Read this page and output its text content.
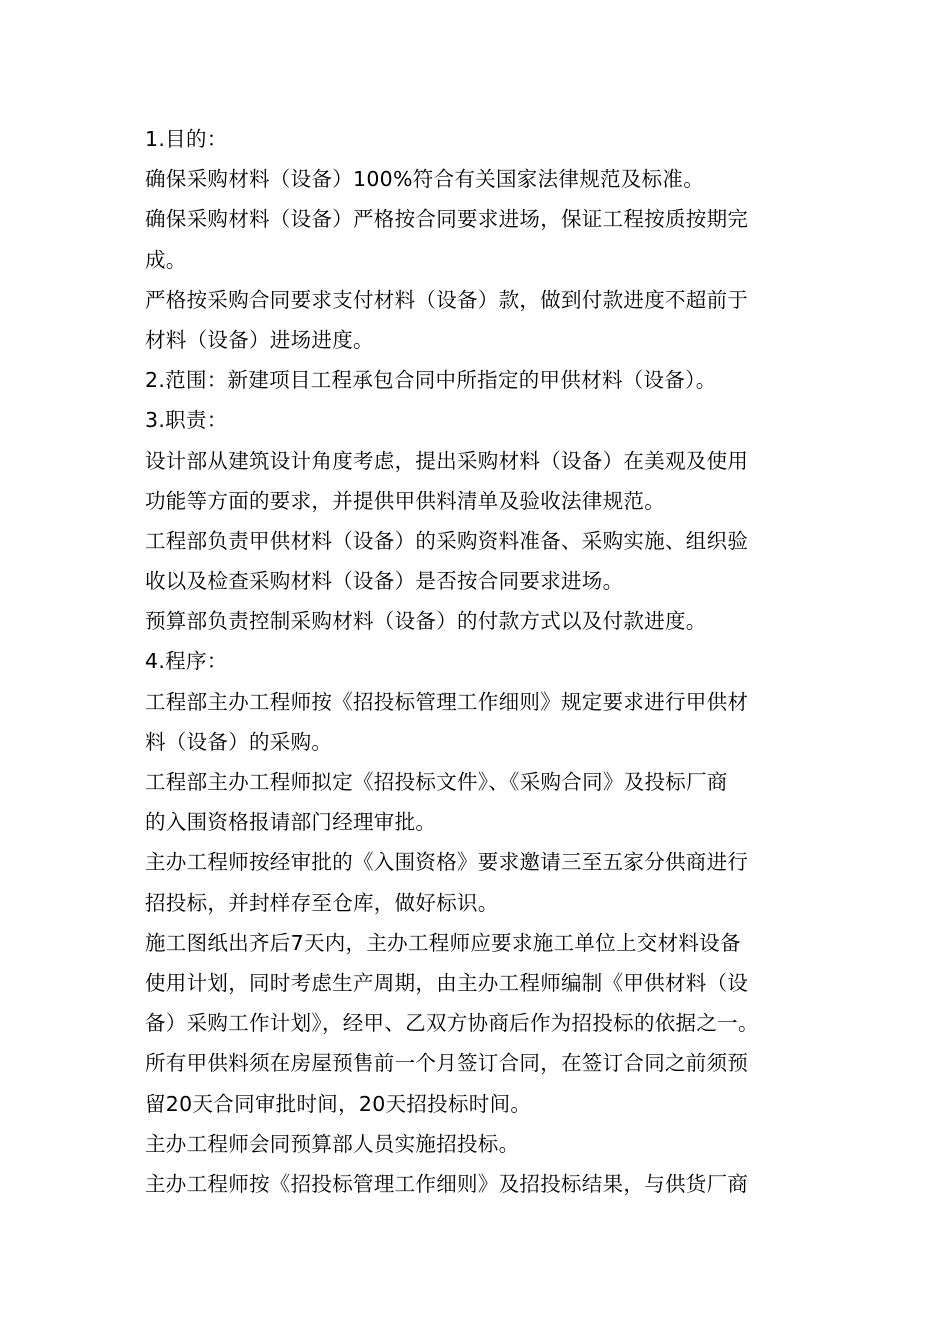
1.目的：
确保采购材料（设备）100%符合有关国家法律规范及标准。
确保采购材料（设备）严格按合同要求进场，保证工程按质按期完
成。
严格按采购合同要求支付材料（设备）款，做到付款进度不超前于
材料（设备）进场进度。
2.范围：新建项目工程承包合同中所指定的甲供材料（设备）。
3.职责：
设计部从建筑设计角度考虑，提出采购材料（设备）在美观及使用
功能等方面的要求，并提供甲供料清单及验收法律规范。
工程部负责甲供材料（设备）的采购资料准备、采购实施、组织验
收以及检查采购材料（设备）是否按合同要求进场。
预算部负责控制采购材料（设备）的付款方式以及付款进度。
4.程序：
工程部主办工程师按《招投标管理工作细则》规定要求进行甲供材
料（设备）的采购。
工程部主办工程师拟定《招投标文件》、《采购合同》及投标厂商
的入围资格报请部门经理审批。
主办工程师按经审批的《入围资格》要求邀请三至五家分供商进行
招投标，并封样存至仓库，做好标识。
施工图纸出齐后7天内，主办工程师应要求施工单位上交材料设备
使用计划，同时考虑生产周期，由主办工程师编制《甲供材料（设
备）采购工作计划》，经甲、乙双方协商后作为招投标的依据之一。
所有甲供料须在房屋预售前一个月签订合同，在签订合同之前须预
留20天合同审批时间，20天招投标时间。
主办工程师会同预算部人员实施招投标。
主办工程师按《招投标管理工作细则》及招投标结果，与供货厂商
